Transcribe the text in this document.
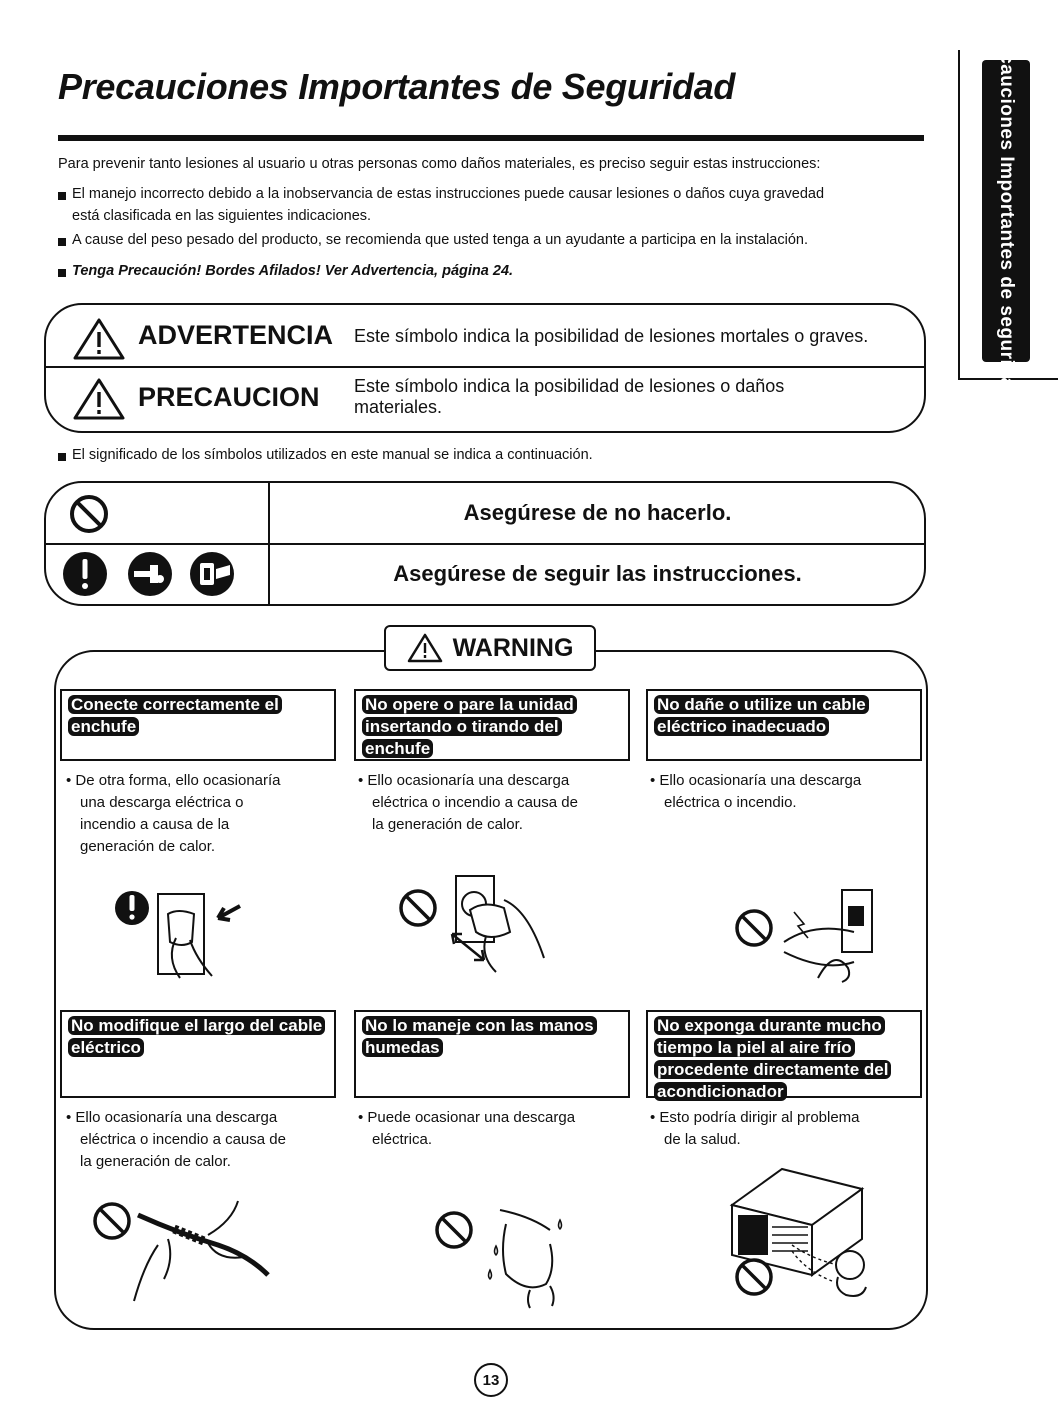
Precauciones Importantes de Seguridad	Precauciones Importantes de seguridad
Para prevenir tanto lesiones al usuario u otras personas como daños materiales, es preciso seguir estas instrucciones:
El manejo incorrecto debido a la inobservancia de estas instrucciones puede causar lesiones o daños cuya gravedad
está clasificada en las siguientes indicaciones.
A cause del peso pesado del producto, se recomienda que usted tenga a un ayudante a participa en la instalación.
Tenga Precaución! Bordes Afilados! Ver Advertencia, página 24.
ADVERTENCIA Este símbolo indica la posibilidad de lesiones mortales o graves.
PRECAUCION Este símbolo indica la posibilidad de lesiones o daños materiales.
El significado de los símbolos utilizados en este manual se indica a continuación.
Asegúrese de no hacerlo.
Asegúrese de seguir las instrucciones.
WARNING
Conecte correctamente el enchufe
No opere o pare la unidad insertando o tirando del enchufe
No dañe o utilize un cable eléctrico inadecuado
• De otra forma, ello ocasionaría
una descarga eléctrica o
incendio a causa de la
generación de calor.
• Ello ocasionaría una descarga
eléctrica o incendio a causa de
la generación de calor.
• Ello ocasionaría una descarga
eléctrica o incendio.
No modifique el largo del cable eléctrico
No lo maneje con las manos humedas
No exponga durante mucho tiempo la piel al aire frío procedente directamente del acondicionador
• Ello ocasionaría una descarga
eléctrica o incendio a causa de
la generación de calor.
• Puede ocasionar una descarga
eléctrica.
• Esto podría dirigir al problema
de la salud.
13
